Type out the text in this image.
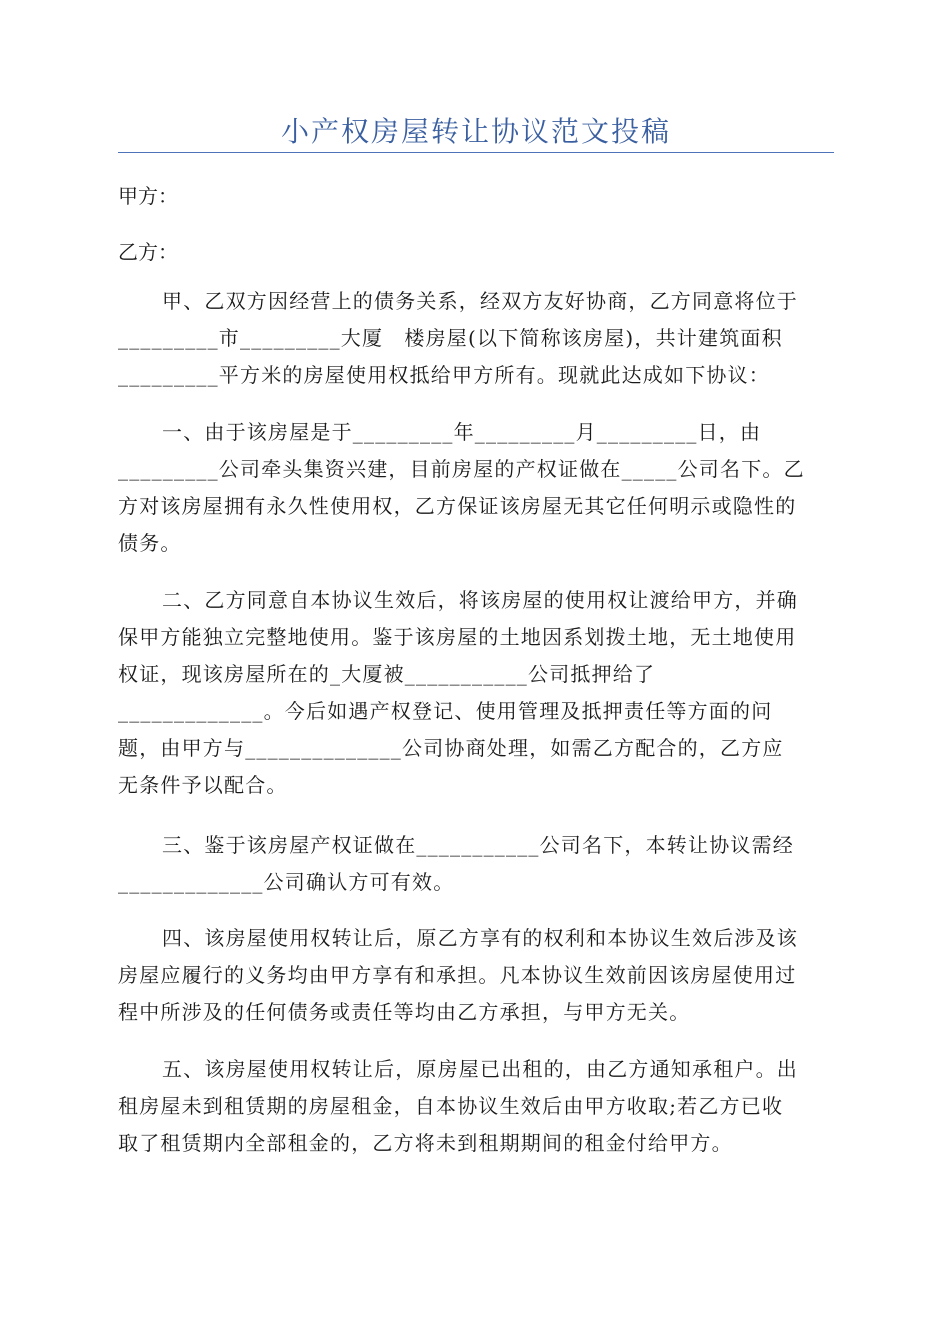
小产权房屋转让协议范文投稿

甲方：

乙方：

甲、乙双方因经营上的债务关系，经双方友好协商，乙方同意将位于
_________市_________大厦　楼房屋(以下简称该房屋)，共计建筑面积
_________平方米的房屋使用权抵给甲方所有。现就此达成如下协议：
一、由于该房屋是于_________年_________月_________日，由
_________公司牵头集资兴建，目前房屋的产权证做在_____公司名下。乙
方对该房屋拥有永久性使用权，乙方保证该房屋无其它任何明示或隐性的
债务。
二、乙方同意自本协议生效后，将该房屋的使用权让渡给甲方，并确
保甲方能独立完整地使用。鉴于该房屋的土地因系划拨土地，无土地使用
权证，现该房屋所在的_大厦被___________公司抵押给了
_____________。今后如遇产权登记、使用管理及抵押责任等方面的问
题，由甲方与______________公司协商处理，如需乙方配合的，乙方应
无条件予以配合。
三、鉴于该房屋产权证做在___________公司名下，本转让协议需经
_____________公司确认方可有效。
四、该房屋使用权转让后，原乙方享有的权利和本协议生效后涉及该
房屋应履行的义务均由甲方享有和承担。凡本协议生效前因该房屋使用过
程中所涉及的任何债务或责任等均由乙方承担，与甲方无关。
五、该房屋使用权转让后，原房屋已出租的，由乙方通知承租户。出
租房屋未到租赁期的房屋租金，自本协议生效后由甲方收取;若乙方已收
取了租赁期内全部租金的，乙方将未到租期期间的租金付给甲方。
